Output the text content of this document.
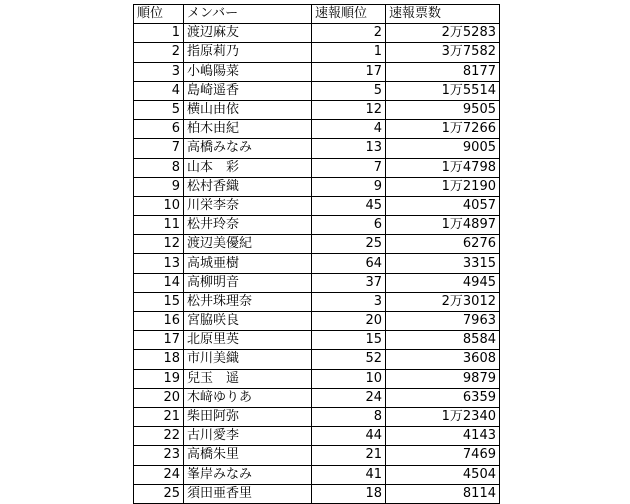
順位	メンバー	速報順位	速報票数
1	渡辺麻友	2	2万5283
2	指原莉乃	1	3万7582
3	小嶋陽菜	17	8177
4	島崎遥香	5	1万5514
5	横山由依	12	9505
6	柏木由紀	4	1万7266
7	高橋みなみ	13	9005
8	山本　彩	7	1万4798
9	松村香織	9	1万2190
10	川栄李奈	45	4057
11	松井玲奈	6	1万4897
12	渡辺美優紀	25	6276
13	高城亜樹	64	3315
14	高柳明音	37	4945
15	松井珠理奈	3	2万3012
16	宮脇咲良	20	7963
17	北原里英	15	8584
18	市川美織	52	3608
19	兒玉　遥	10	9879
20	木﨑ゆりあ	24	6359
21	柴田阿弥	8	1万2340
22	古川愛李	44	4143
23	高橋朱里	21	7469
24	峯岸みなみ	41	4504
25	須田亜香里	18	8114
